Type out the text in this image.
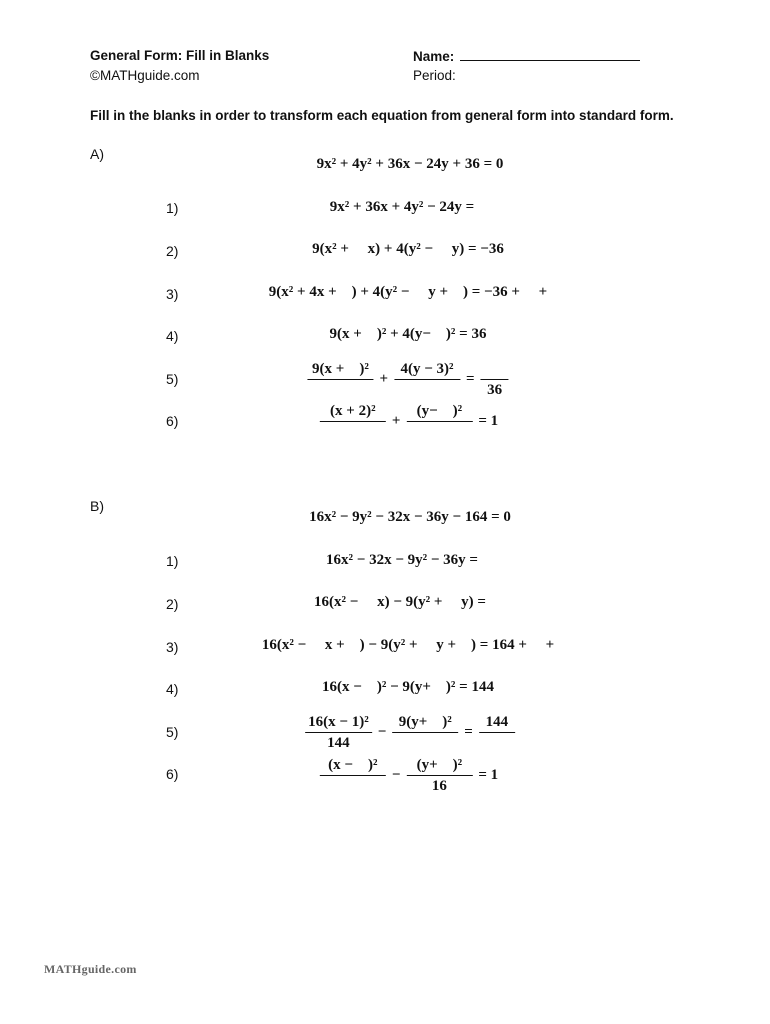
General Form: Fill in Blanks
©MATHguide.com
Name:
Period:
Fill in the blanks in order to transform each equation from general form into standard form.
A)
9x² + 4y² + 36x − 24y + 36 = 0
1)	9x² + 36x + 4y² − 24y =
2)	9(x² +     x) + 4(y² −     y) = −36
3)	9(x² + 4x +    ) + 4(y² −     y +    ) = −36 +     +
4)	9(x +    )² + 4(y−    )² = 36
5)
9(x +    )²
+
4(y − 3)²
=
36
6)
(x + 2)²
+
(y−    )²
= 1
B)
16x² − 9y² − 32x − 36y − 164 = 0
1)	16x² − 32x − 9y² − 36y =
2)	16(x² −     x) − 9(y² +     y) =
3)	16(x² −     x +    ) − 9(y² +     y +    ) = 164 +     +
4)	16(x −    )² − 9(y+    )² = 144
5)	$\frac{\text{16(x − 1)²}}{144}$ −
9(y+    )²
=
144
6)
(x −    )²
− $\frac{\text{(y+    )²}}{16} = 1$
MATHguide.com
